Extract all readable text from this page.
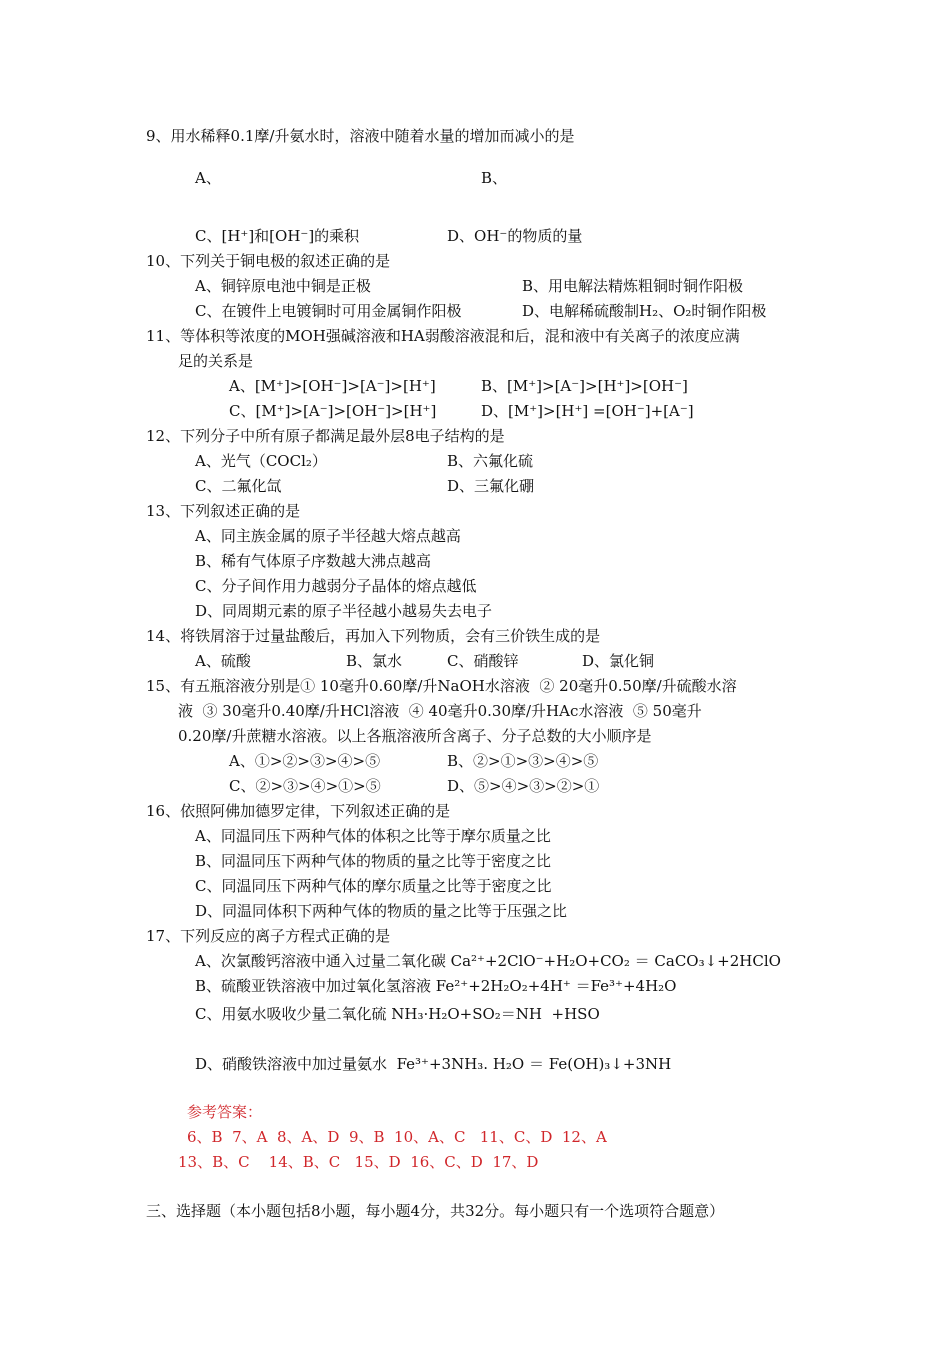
9、用水稀释0.1摩/升氨水时，溶液中随着水量的增加而减小的是
A、	B、
C、[H⁺]和[OH⁻]的乘积	D、OH⁻的物质的量
10、下列关于铜电极的叙述正确的是
A、铜锌原电池中铜是正极	B、用电解法精炼粗铜时铜作阳极
C、在镀件上电镀铜时可用金属铜作阳极	D、电解稀硫酸制H₂、O₂时铜作阳极
11、等体积等浓度的MOH强碱溶液和HA弱酸溶液混和后，混和液中有关离子的浓度应满
足的关系是
A、[M⁺]>[OH⁻]>[A⁻]>[H⁺]	B、[M⁺]>[A⁻]>[H⁺]>[OH⁻]
C、[M⁺]>[A⁻]>[OH⁻]>[H⁺]	D、[M⁺]>[H⁺] =[OH⁻]+[A⁻]
12、下列分子中所有原子都满足最外层8电子结构的是
A、光气（COCl₂）	B、六氟化硫
C、二氟化氙	D、三氟化硼
13、下列叙述正确的是
A、同主族金属的原子半径越大熔点越高
B、稀有气体原子序数越大沸点越高
C、分子间作用力越弱分子晶体的熔点越低
D、同周期元素的原子半径越小越易失去电子
14、将铁屑溶于过量盐酸后，再加入下列物质，会有三价铁生成的是
A、硫酸	B、氯水	C、硝酸锌	D、氯化铜
15、有五瓶溶液分别是① 10毫升0.60摩/升NaOH水溶液  ② 20毫升0.50摩/升硫酸水溶
液  ③ 30毫升0.40摩/升HCl溶液  ④ 40毫升0.30摩/升HAc水溶液  ⑤ 50毫升
0.20摩/升蔗糖水溶液。以上各瓶溶液所含离子、分子总数的大小顺序是
A、①>②>③>④>⑤	B、②>①>③>④>⑤
C、②>③>④>①>⑤	D、⑤>④>③>②>①
16、依照阿佛加德罗定律，下列叙述正确的是
A、同温同压下两种气体的体积之比等于摩尔质量之比
B、同温同压下两种气体的物质的量之比等于密度之比
C、同温同压下两种气体的摩尔质量之比等于密度之比
D、同温同体积下两种气体的物质的量之比等于压强之比
17、下列反应的离子方程式正确的是
A、次氯酸钙溶液中通入过量二氧化碳 Ca²⁺+2ClO⁻+H₂O+CO₂ ＝ CaCO₃↓+2HClO
B、硫酸亚铁溶液中加过氧化氢溶液 Fe²⁺+2H₂O₂+4H⁺ ＝Fe³⁺+4H₂O
C、用氨水吸收少量二氧化硫 NH₃·H₂O+SO₂＝NH  +HSO
D、硝酸铁溶液中加过量氨水  Fe³⁺+3NH₃. H₂O ＝ Fe(OH)₃↓+3NH
参考答案：
6、B  7、A  8、A、D  9、B  10、A、C   11、C、D  12、A
13、B、C    14、B、C   15、D  16、C、D  17、D
三、选择题（本小题包括8小题，每小题4分，共32分。每小题只有一个选项符合题意）
